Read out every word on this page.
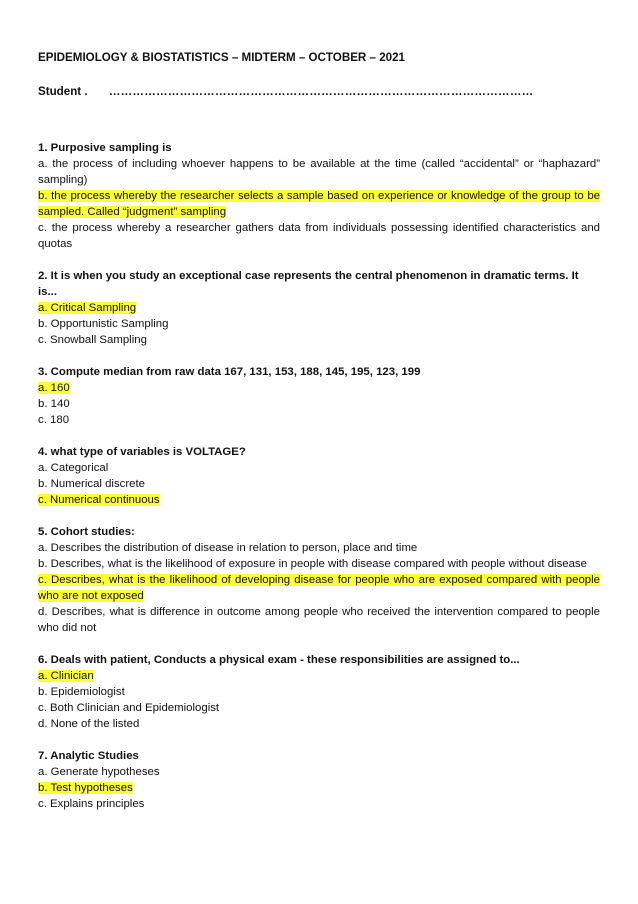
EPIDEMIOLOGY & BIOSTATISTICS – MIDTERM – OCTOBER – 2021
Student . ………………………………………………………………………………………………
1. Purposive sampling is
a. the process of including whoever happens to be available at the time (called “accidental” or “haphazard” sampling)
b. the process whereby the researcher selects a sample based on experience or knowledge of the group to be sampled. Called “judgment” sampling
c. the process whereby a researcher gathers data from individuals possessing identified characteristics and quotas
2. It is when you study an exceptional case represents the central phenomenon in dramatic terms. It is...
a. Critical Sampling
b. Opportunistic Sampling
c. Snowball Sampling
3. Compute median from raw data 167, 131, 153, 188, 145, 195, 123, 199
a. 160
b. 140
c. 180
4. what type of variables is VOLTAGE?
a. Categorical
b. Numerical discrete
c. Numerical continuous
5. Cohort studies:
a. Describes the distribution of disease in relation to person, place and time
b. Describes, what is the likelihood of exposure in people with disease compared with people without disease
c. Describes, what is the likelihood of developing disease for people who are exposed compared with people who are not exposed
d. Describes, what is difference in outcome among people who received the intervention compared to people who did not
6. Deals with patient, Conducts a physical exam - these responsibilities are assigned to...
a. Clinician
b. Epidemiologist
c. Both Clinician and Epidemiologist
d. None of the listed
7. Analytic Studies
a. Generate hypotheses
b. Test hypotheses
c. Explains principles
